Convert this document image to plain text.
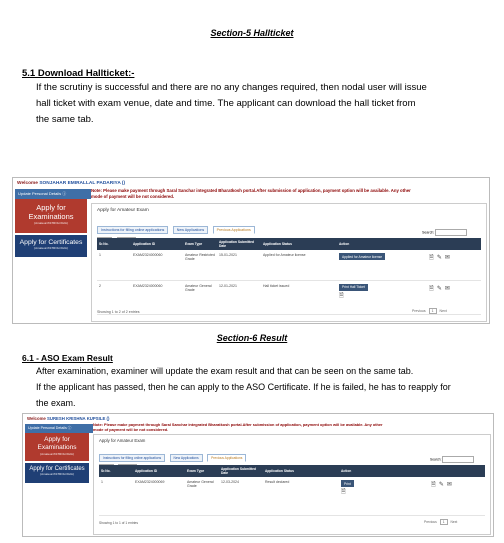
Section-5 Hallticket
5.1 Download Hallticket:-
If the scrutiny is successful and there are no any changes required, then nodal user will issue
hall ticket with exam venue, date and time. The applicant can download the hall ticket from
the same tab.
Welcome SONJAHAR EMIRALLAL PADARIYA ()
Update Personal Details ⓘ
Apply for Examinations
(Amateur/ASTROLOGIA)
Apply for Certificates
(Amateur/ASTROLOGIA)
Note: Please make payment through Saral Sanchar integrated Bharatkosh portal.After submission of application, payment option will be available. Any other
mode of payment will be not considered.
Apply for Amateur Exam
Instructions for filling online applications	New Applications	Previous Applications

Search:
Sr.No.	Application ID	Exam Type	Application Submitted Date	Application Status	Action	
1	EXAM2324000060	Amateur Restricted Grade	15-01-2021	Applied for Amateur license	Applied for Amateur license	🗎 ✎ ✉
2	EXAM2324000060	Amateur General Grade	12-01-2021	Hall ticket issued	Print Hall Ticket
🗎	🗎 ✎ ✉
Showing 1 to 2 of 2 entries	Previous 1 Next
Section-6 Result
6.1 - ASO Exam Result
After examination, examiner will update the exam result and that can be seen on the same tab.
If the applicant has passed, then he can apply to the ASO Certificate. If he is failed, he has to reapply for
the exam.
Welcome SURESH KRISHNA KUPSILE ()
Update Personal Details ⓘ
Apply for Examinations
(Amateur/ASTROLOGIA)
Apply for Certificates
(Amateur/ASTROLOGIA)
Note: Please make payment through Saral Sanchar integrated Bharatkosh portal.After submission of application, payment option will be available. Any other
mode of payment will be not considered.
Apply for Amateur Exam
Instructions for filling online applications	New Applications	Previous Applications
	Search:
Sr.No.	Application ID	Exam Type	Application Submitted Date	Application Status	Action	
1	EXAM2324000069	Amateur General Grade	12-03-2024	Result declared	Print
🗎	🗎 ✎ ✉
Showing 1 to 1 of 1 entries	Previous 1 Next
